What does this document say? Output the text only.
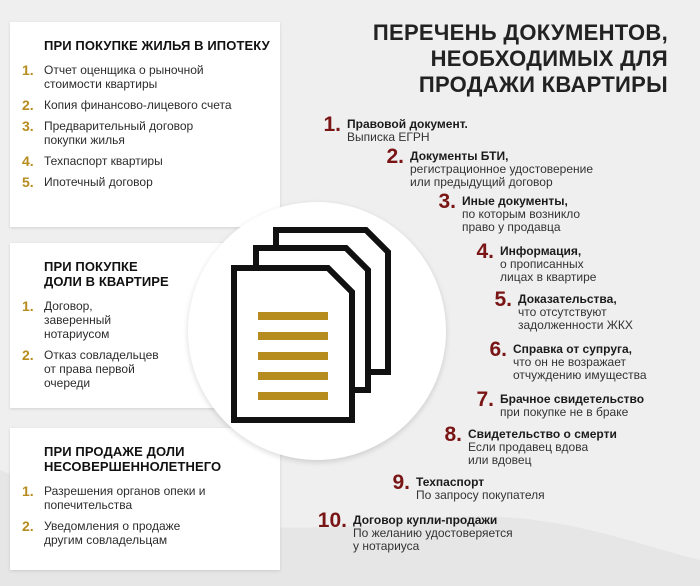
ПЕРЕЧЕНЬ ДОКУМЕНТОВ,
НЕОБХОДИМЫХ ДЛЯ
ПРОДАЖИ КВАРТИРЫ
ПРИ ПОКУПКЕ ЖИЛЬЯ В ИПОТЕКУ
1. Отчет оценщика о рыночной стоимости квартиры
2. Копия финансово-лицевого счета
3. Предварительный договор покупки жилья
4. Техпаспорт квартиры
5. Ипотечный договор
ПРИ ПОКУПКЕ
ДОЛИ В КВАРТИРЕ
1. Договор, заверенный нотариусом
2. Отказ совладельцев от права первой очереди
ПРИ ПРОДАЖЕ ДОЛИ
НЕСОВЕРШЕННОЛЕТНЕГО
1. Разрешения органов опеки и попечительства
2. Уведомления о продаже другим совладельцам
1. Правовой документ.
Выписка ЕГРН
2. Документы БТИ,
регистрационное удостоверение
или предыдущий договор
3. Иные документы,
по которым возникло
право у продавца
4. Информация,
о прописанных
лицах в квартире
5. Доказательства,
что отсутствуют
задолженности ЖКХ
6. Справка от супруга,
что он не возражает
отчуждению имущества
7. Брачное свидетельство
при покупке не в браке
8. Свидетельство о смерти
Если продавец вдова
или вдовец
9. Техпаспорт
По запросу покупателя
10. Договор купли-продажи
По желанию удостоверяется
у нотариуса
